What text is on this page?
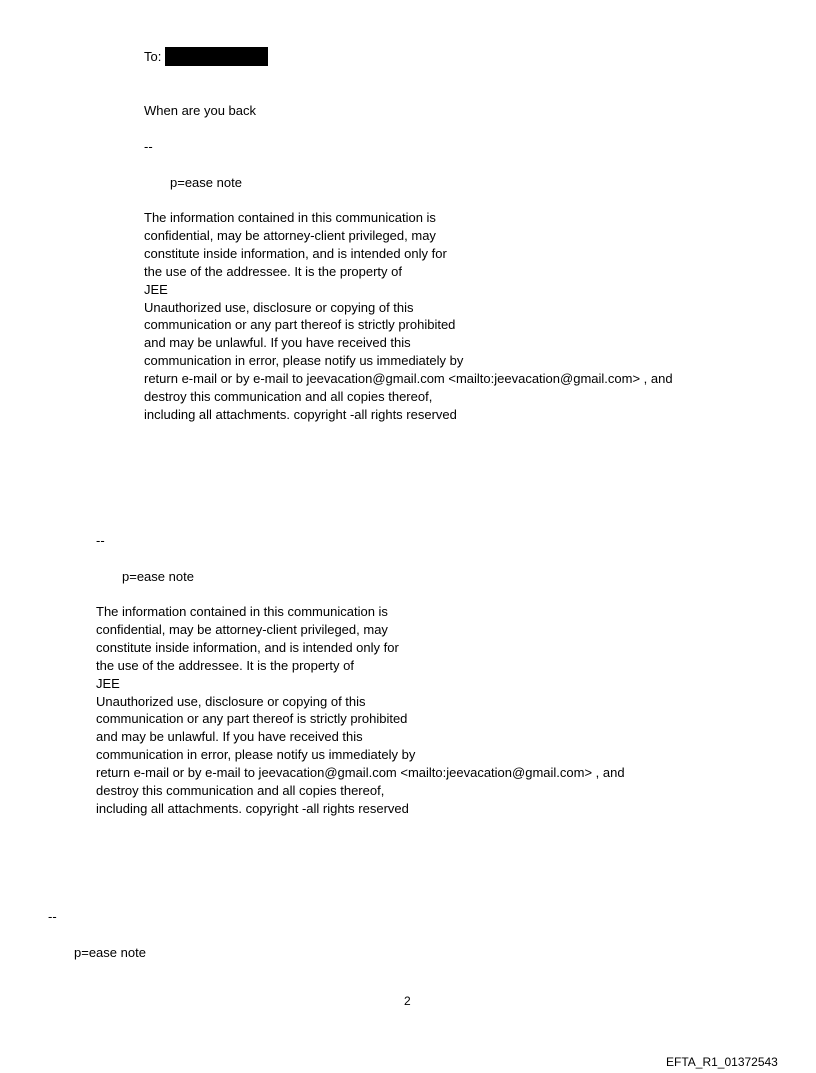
To:
When are you back
--
p=ease note

The information contained in this communication is

confidential, may be attorney-client privileged, may

constitute inside information, and is intended only for

the use of the addressee. It is the property of

JEE

Unauthorized use, disclosure or copying of this

communication or any part thereof is strictly prohibited

and may be unlawful. If you have received this

communication in error, please notify us immediately by

return e-mail or by e-mail to jeevacation@gmail.com <mailto:jeevacation@gmail.com> , and

destroy this communication and all copies thereof,

including all attachments. copyright -all rights reserved

--
p=ease note

The information contained in this communication is

confidential, may be attorney-client privileged, may

constitute inside information, and is intended only for

the use of the addressee. It is the property of

JEE

Unauthorized use, disclosure or copying of this

communication or any part thereof is strictly prohibited

and may be unlawful. If you have received this

communication in error, please notify us immediately by

return e-mail or by e-mail to jeevacation@gmail.com <mailto:jeevacation@gmail.com> , and

destroy this communication and all copies thereof,

including all attachments. copyright -all rights reserved

--
p=ease note
2
EFTA_R1_01372543
